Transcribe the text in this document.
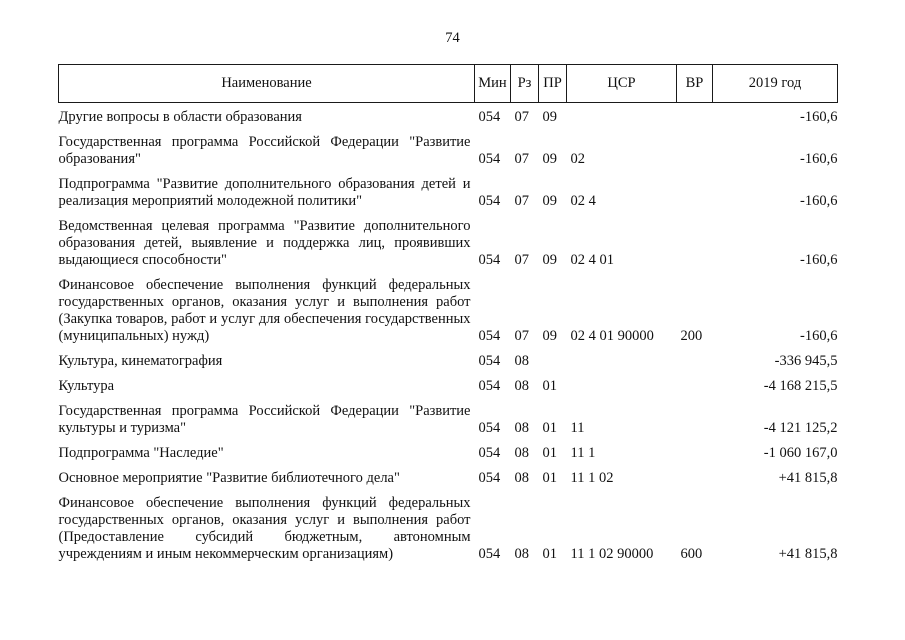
74
Наименование	Мин	Рз	ПР	ЦСР	ВР	2019 год
Другие вопросы в области образования	054	07	09			-160,6
Государственная программа Российской Федерации "Развитие образования"	054	07	09	02		-160,6
Подпрограмма "Развитие дополнительного образования детей и реализация мероприятий молодежной политики"	054	07	09	02 4		-160,6
Ведомственная целевая программа "Развитие дополнительного образования детей, выявление и поддержка лиц, проявивших выдающиеся способности"	054	07	09	02 4 01		-160,6
Финансовое обеспечение выполнения функций федеральных государственных органов, оказания услуг и выполнения работ (Закупка товаров, работ и услуг для обеспечения государственных (муниципальных) нужд)	054	07	09	02 4 01 90000	200	-160,6
Культура, кинематография	054	08				-336 945,5
Культура	054	08	01			-4 168 215,5
Государственная программа Российской Федерации "Развитие культуры и туризма"	054	08	01	11		-4 121 125,2
Подпрограмма "Наследие"	054	08	01	11 1		-1 060 167,0
Основное мероприятие "Развитие библиотечного дела"	054	08	01	11 1 02		+41 815,8
Финансовое обеспечение выполнения функций федеральных государственных органов, оказания услуг и выполнения работ (Предоставление субсидий бюджетным, автономным учреждениям и иным некоммерческим организациям)	054	08	01	11 1 02 90000	600	+41 815,8
